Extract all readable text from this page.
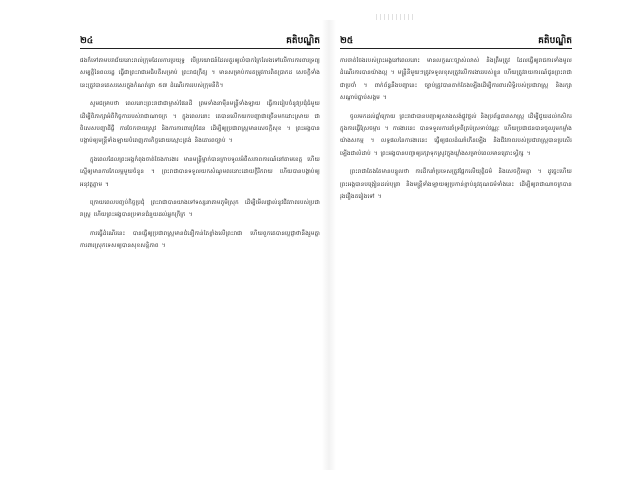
២៤	គតិបណ្ឌិត

ផងក៏ទៅតាមបរាជ័យនោះរាល់ក្រុមដែលការប្រយុទ្ធ បើប្រយោជន៍ដែលគួរឲ្យលំបាកក្រៃលែងទៅលើការការពារទ្រព្យសម្បត្តិនៃពលរដ្ឋ ធ្វើជាព្រះរាជាអធិបតីសម្រាប់ ព្រះរាជក្រឹត្យ ។ មានសម្រាប់ការតម្រូវការពិតប្រាកដ សេចក្តីទាំងនេះត្រូវបានគេសរសេរក្នុងកំណត់ត្រា ៥៧ ដំណើរការរបស់ក្រុមនីតិ។

សូមជម្រាបថា ពេលនោះព្រះរាជាជាម្ចាស់ផែនដី ព្រមទាំងនាម៉ឺនមន្ត្រីទាំងឡាយ ធ្វើការរៀបចំនូវប្រជុំធំមួយ ដើម្បីពិភាក្សាអំពីកិច្ចការរបស់រាជាណាចក្រ ។ ក្នុងពេលនោះ គេបានលើកយកបញ្ហាជាច្រើនមកដោះស្រាយ ជាពិសេសបញ្ហាដីធ្លី ការចែកចាយស្រូវ និងការការពារព្រំដែន ដើម្បីឲ្យប្រជារាស្ត្រមានសេចក្តីសុខ ។ ព្រះអង្គបានបង្គាប់ឲ្យមន្ត្រីទាំងឡាយបំពេញភារកិច្ចដោយស្មោះត្រង់ និងគោរពច្បាប់ ។

ក្នុងពេលដែលព្រះអង្គកំពុងចាត់ចែងការងារ មានមន្ត្រីម្នាក់បានក្រាបទូលអំពីសភាពការណ៍នៅតាមខេត្ត ហើយស្នើឲ្យមានការកែលម្អមួយចំនួន ។ ព្រះរាជាបានទទួលយកសំណូមពរនោះដោយក្តីរីករាយ ហើយបានបង្គាប់ឲ្យអនុវត្តភ្លាម ។

ក្រោយពេលបញ្ចប់កិច្ចប្រជុំ ព្រះរាជាបានយាងទៅទស្សនាតាមភូមិស្រុក ដើម្បីមើលផ្ទាល់នូវជីវភាពរបស់ប្រជារាស្ត្រ ហើយព្រះអង្គបានប្រទានជំនួយដល់អ្នកក្រីក្រ ។

ការធ្វើដំណើរនេះ បានធ្វើឲ្យប្រជារាស្ត្រមានជំនឿកាន់តែខ្លាំងលើព្រះរាជា ហើយពួកគេបានប្តេជ្ញាថានឹងរួមគ្នាការពារស្រុកទេសឲ្យបានសុខសន្តិភាព ។

២៥	គតិបណ្ឌិត

ការចាត់ចែងរបស់ព្រះអង្គនៅពេលនោះ មានលក្ខណៈច្បាស់លាស់ និងត្រឹមត្រូវ ដែលធ្វើឲ្យរាជការទាំងមូលដំណើរការបានយ៉ាងល្អ ។ មន្ត្រីនីមួយៗត្រូវទទួលខុសត្រូវលើការងាររបស់ខ្លួន ហើយត្រូវរាយការណ៍ជូនព្រះរាជាជាប្រចាំ ។ ពាក់ព័ន្ធនឹងបញ្ហានេះ ច្បាប់ត្រូវបានតាក់តែងឡើងដើម្បីការពារសិទ្ធិរបស់ប្រជារាស្ត្រ និងរក្សាសណ្តាប់ធ្នាប់សង្គម ។

ចូលមកដល់ឆ្នាំក្រោយ ព្រះរាជាបានបញ្ជាឲ្យសាងសង់ផ្លូវថ្នល់ និងប្រព័ន្ធធារាសាស្ត្រ ដើម្បីជួយដល់កសិករក្នុងការធ្វើស្រែចម្ការ ។ ការងារនេះ បានទទួលការគាំទ្រពីគ្រប់ស្រទាប់វណ្ណៈ ហើយប្រជាជនបានចូលរួមកម្លាំងយ៉ាងសកម្ម ។ លទ្ធផលនៃការងារនេះ ធ្វើឲ្យផលដំណាំកើនឡើង និងជីវភាពរបស់ប្រជារាស្ត្របានប្រសើរឡើងជាលំដាប់ ។ ព្រះអង្គបានបញ្ជាឲ្យរក្សាទុកស្រូវក្នុងឃ្លាំងសម្រាប់ពេលមានគ្រោះទុរ្ភិក្ស ។

ព្រះរាជាតែងតែមានបន្ទូលថា ការដឹកនាំប្រទេសត្រូវផ្អែកលើយុត្តិធម៌ និងសេចក្តីមេត្តា ។ ដូច្នេះហើយ ព្រះអង្គបានបង្រៀនដល់បុត្រា និងមន្ត្រីទាំងឡាយឲ្យប្រកាន់ខ្ជាប់នូវគុណធម៌ទាំងនេះ ដើម្បីឲ្យរាជាណាចក្របានរុងរឿងតរៀងទៅ ។
